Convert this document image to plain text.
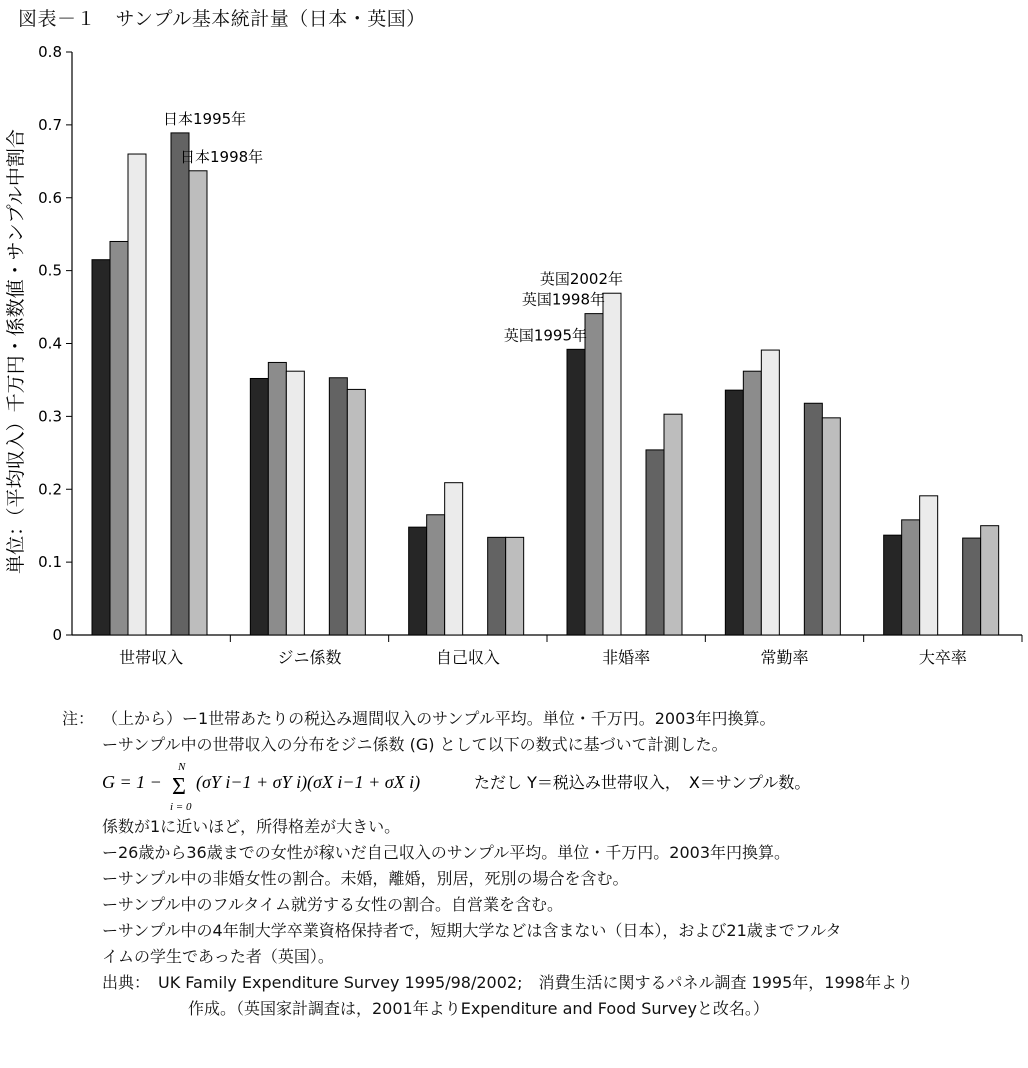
図表－１　サンプル基本統計量（日本・英国）
単位：（平均収入）千万円・係数値・サンプル中割合
0
0.1
0.2
0.3
0.4
0.5
0.6
0.7
0.8
世帯収入	ジニ係数	自己収入	非婚率	常勤率	大卒率
日本1995年
日本1998年
英国1995年
英国1998年
英国2002年
注： （上から）ー1世帯あたりの税込み週間収入のサンプル平均。単位・千万円。2003年円換算。
ーサンプル中の世帯収入の分布をジニ係数 (G) として以下の数式に基づいて計測した。
G = 1 −
N
Σ
i = 0
(σY i−1 + σY i)(σX i−1 + σX i)	ただし Y＝税込み世帯収入，　X＝サンプル数。
係数が1に近いほど，所得格差が大きい。
ー26歳から36歳までの女性が稼いだ自己収入のサンプル平均。単位・千万円。2003年円換算。
ーサンプル中の非婚女性の割合。未婚，離婚，別居，死別の場合を含む。
ーサンプル中のフルタイム就労する女性の割合。自営業を含む。
ーサンプル中の4年制大学卒業資格保持者で，短期大学などは含まない（日本），および21歳までフルタ
イムの学生であった者（英国）。
出典： UK Family Expenditure Survey 1995/98/2002;　消費生活に関するパネル調査 1995年，1998年より
作成。（英国家計調査は，2001年よりExpenditure and Food Surveyと改名。）
